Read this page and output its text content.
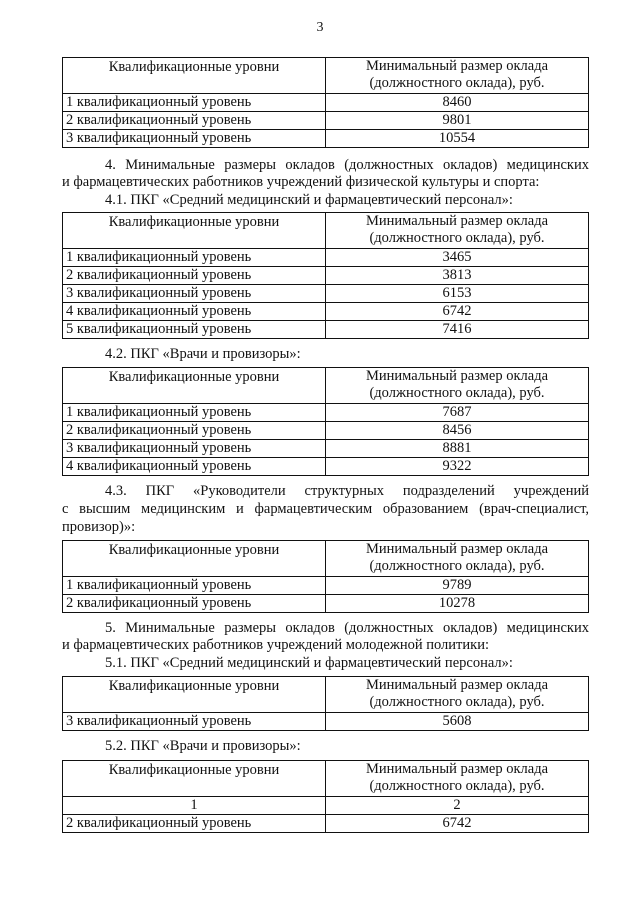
3
Квалификационные уровни	Минимальный размер оклада
(должностного оклада), руб.

1 квалификационный уровень	8460
2 квалификационный уровень	9801
3 квалификационный уровень	10554
4. Минимальные размеры окладов (должностных окладов) медицинских
и фармацевтических работников учреждений физической культуры и спорта:
4.1. ПКГ «Средний медицинский и фармацевтический персонал»:
Квалификационные уровни	Минимальный размер оклада
(должностного оклада), руб.

1 квалификационный уровень	3465
2 квалификационный уровень	3813
3 квалификационный уровень	6153
4 квалификационный уровень	6742
5 квалификационный уровень	7416
4.2. ПКГ «Врачи и провизоры»:
Квалификационные уровни	Минимальный размер оклада
(должностного оклада), руб.

1 квалификационный уровень	7687
2 квалификационный уровень	8456
3 квалификационный уровень	8881
4 квалификационный уровень	9322
4.3. ПКГ «Руководители структурных подразделений учреждений
с высшим медицинским и фармацевтическим образованием (врач-специалист,
провизор)»:
Квалификационные уровни	Минимальный размер оклада
(должностного оклада), руб.

1 квалификационный уровень	9789
2 квалификационный уровень	10278
5. Минимальные размеры окладов (должностных окладов) медицинских
и фармацевтических работников учреждений молодежной политики:
5.1. ПКГ «Средний медицинский и фармацевтический персонал»:
Квалификационные уровни	Минимальный размер оклада
(должностного оклада), руб.

3 квалификационный уровень	5608
5.2. ПКГ «Врачи и провизоры»:
Квалификационные уровни	Минимальный размер оклада
(должностного оклада), руб.

1	2
2 квалификационный уровень	6742
